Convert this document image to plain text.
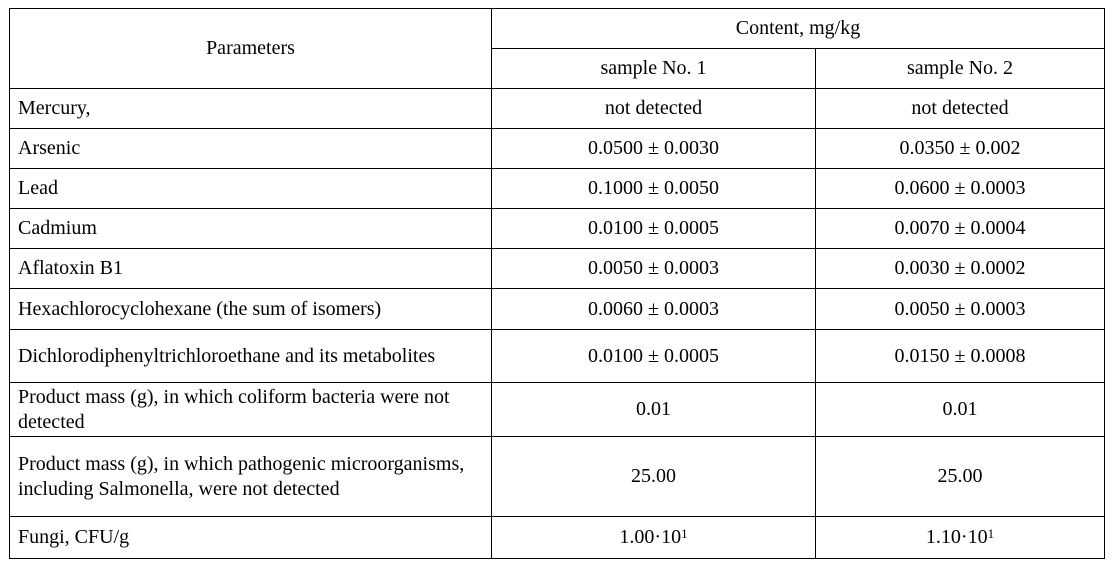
Parameters	Content, mg/kg	
	sample No. 1	sample No. 2
Mercury,	not detected	not detected
Arsenic	0.0500 ± 0.0030	0.0350 ± 0.002
Lead	0.1000 ± 0.0050	0.0600 ± 0.0003
Cadmium	0.0100 ± 0.0005	0.0070 ± 0.0004
Aflatoxin B1	0.0050 ± 0.0003	0.0030 ± 0.0002
Hexachlorocyclohexane (the sum of isomers)	0.0060 ± 0.0003	0.0050 ± 0.0003
Dichlorodiphenyltrichloroethane and its metabolites	0.0100 ± 0.0005	0.0150 ± 0.0008
Product mass (g), in which coliform bacteria were not detected	0.01	0.01
Product mass (g), in which pathogenic microorganisms, including Salmonella, were not detected	25.00	25.00
Fungi, CFU/g	$1.00\cdot 10^1$	$1.10\cdot 10^1$
